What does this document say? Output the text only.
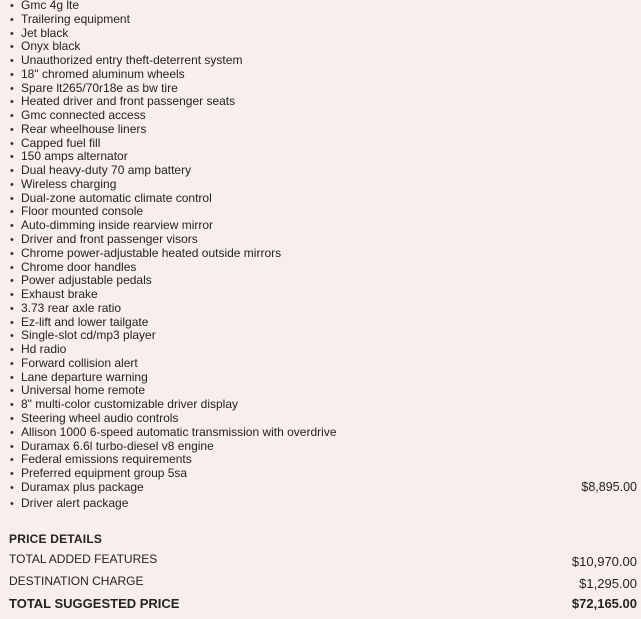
• Gmc 4g lte
• Trailering equipment
• Jet black
• Onyx black
• Unauthorized entry theft-deterrent system
• 18" chromed aluminum wheels
• Spare lt265/70r18e as bw tire
• Heated driver and front passenger seats
• Gmc connected access
• Rear wheelhouse liners
• Capped fuel fill
• 150 amps alternator
• Dual heavy-duty 70 amp battery
• Wireless charging
• Dual-zone automatic climate control
• Floor mounted console
• Auto-dimming inside rearview mirror
• Driver and front passenger visors
• Chrome power-adjustable heated outside mirrors
• Chrome door handles
• Power adjustable pedals
• Exhaust brake
• 3.73 rear axle ratio
• Ez-lift and lower tailgate
• Single-slot cd/mp3 player
• Hd radio
• Forward collision alert
• Lane departure warning
• Universal home remote
• 8" multi-color customizable driver display
• Steering wheel audio controls
• Allison 1000 6-speed automatic transmission with overdrive
• Duramax 6.6l turbo-diesel v8 engine
• Federal emissions requirements
• Preferred equipment group 5sa
• Duramax plus package	$8,895.00
• Driver alert package
PRICE DETAILS
TOTAL ADDED FEATURES	$10,970.00
DESTINATION CHARGE	$1,295.00
TOTAL SUGGESTED PRICE	$72,165.00
